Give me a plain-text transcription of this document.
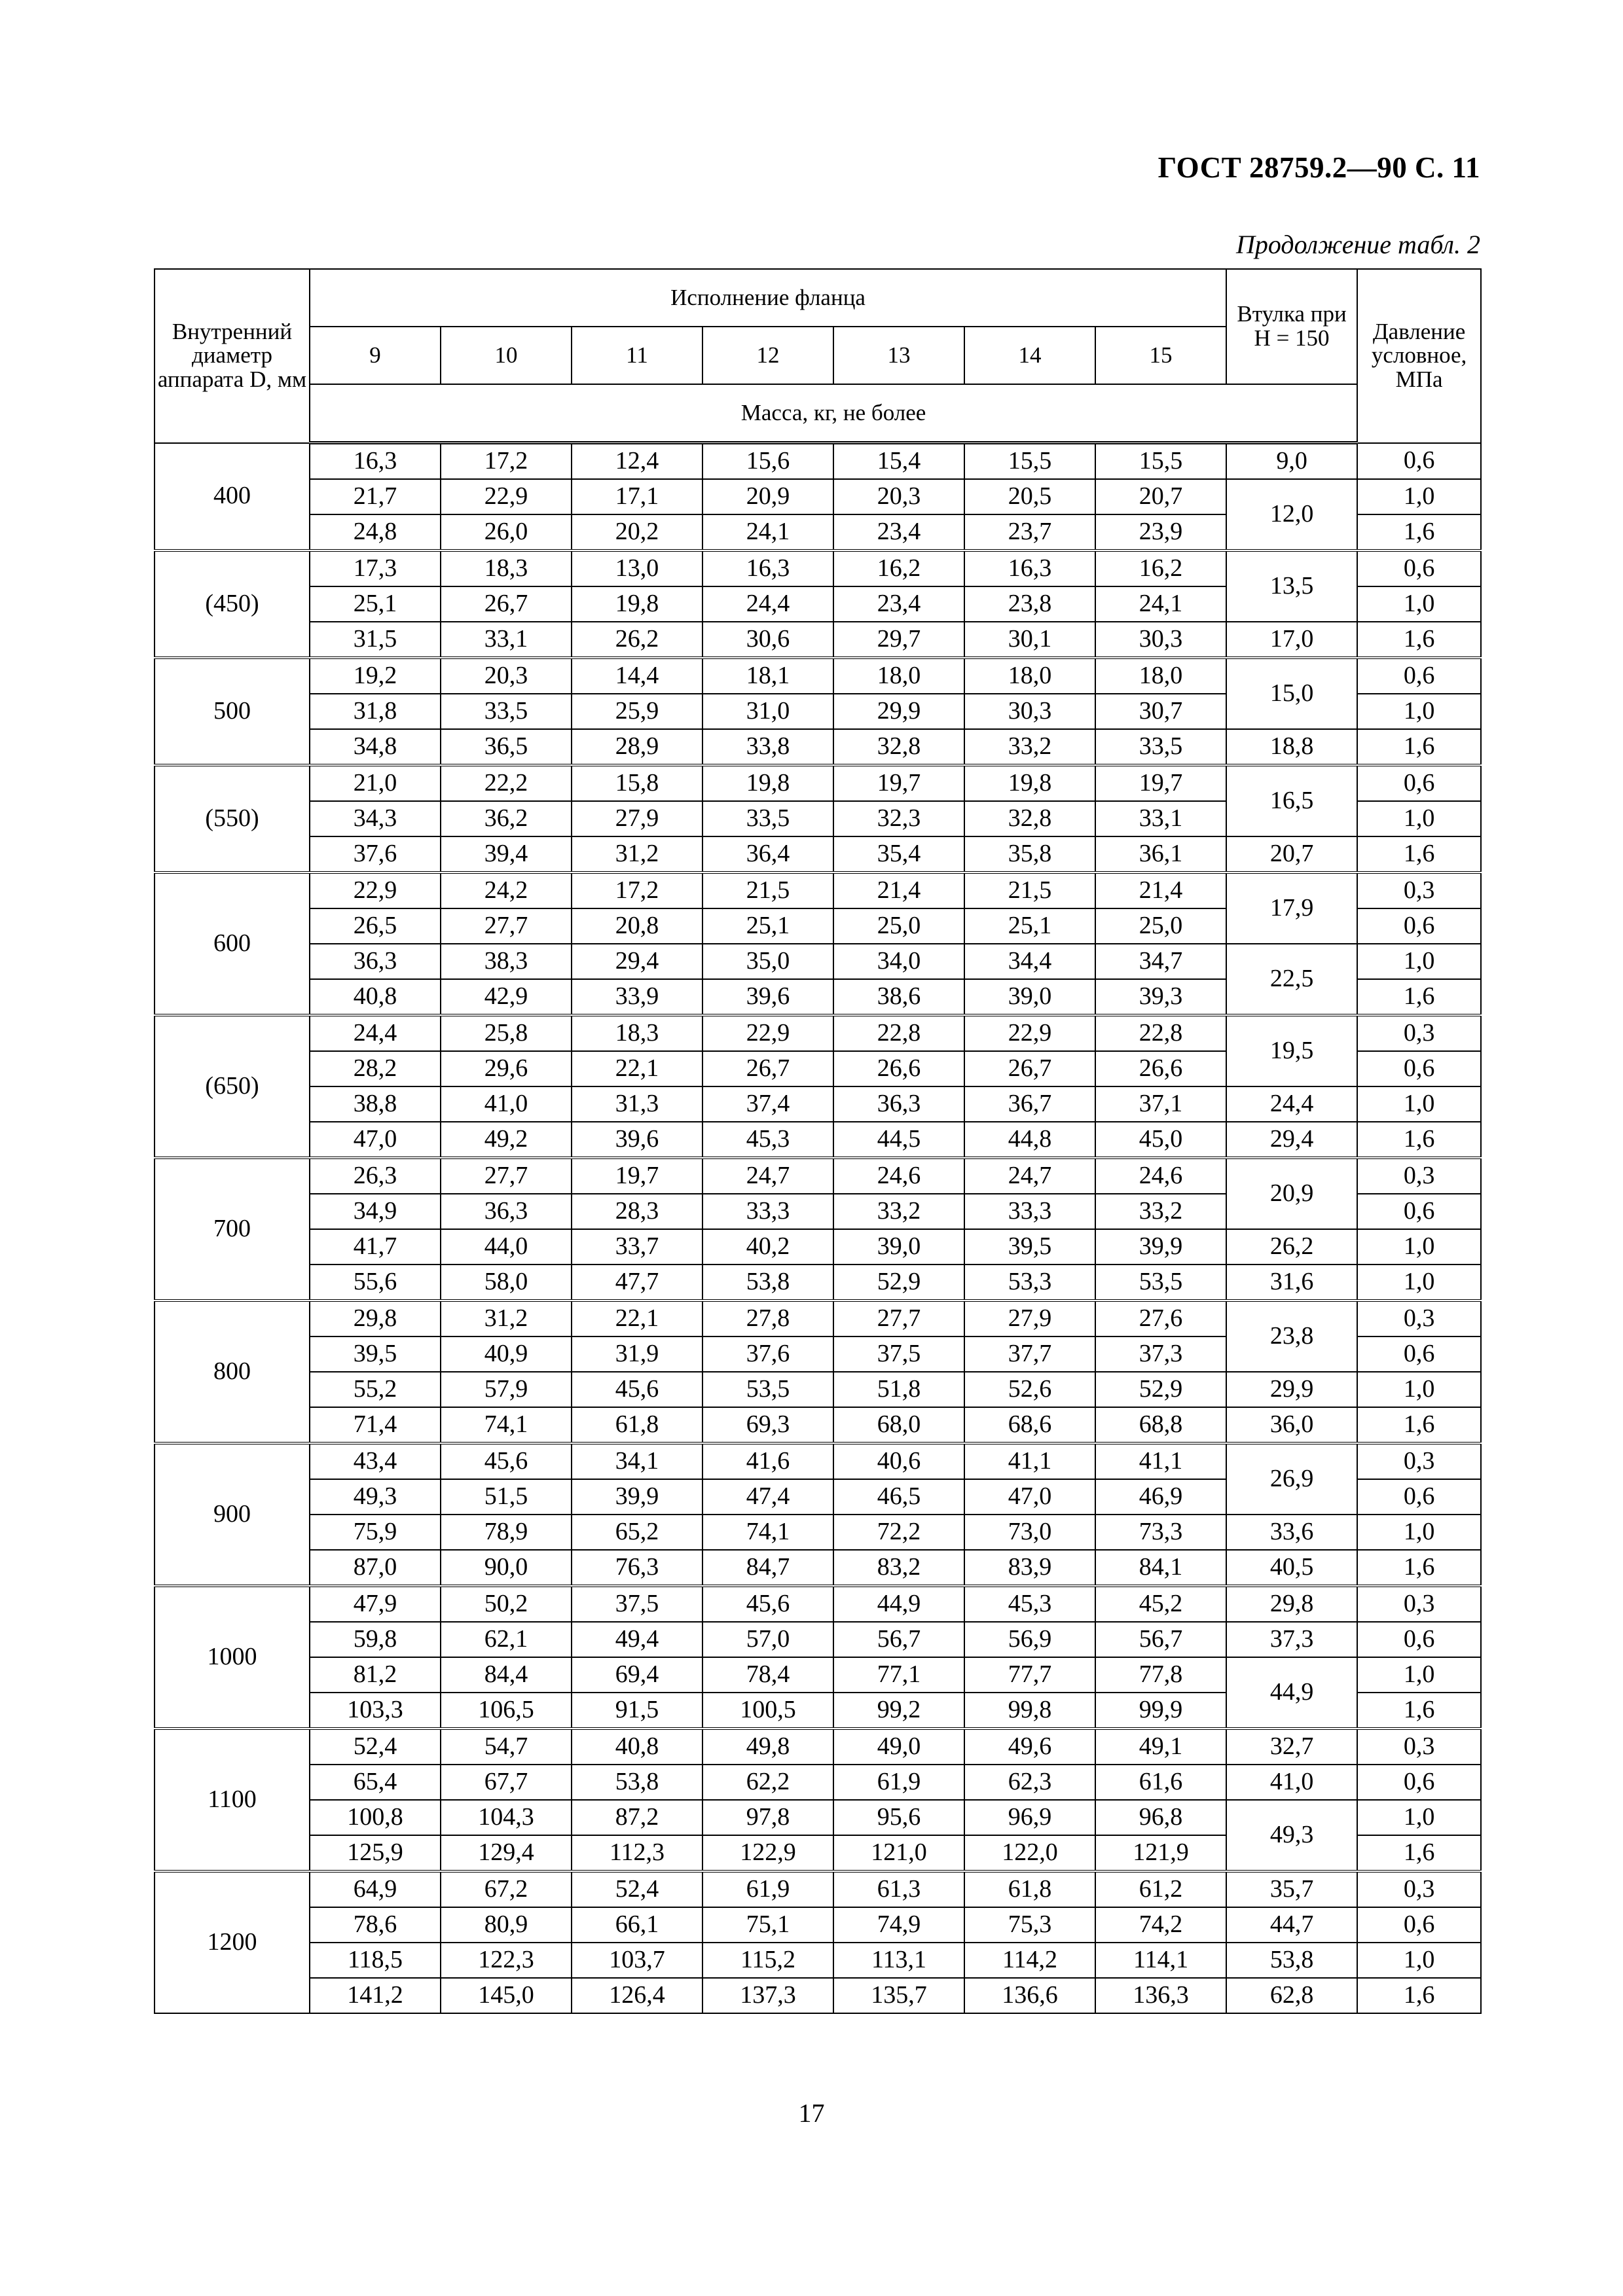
ГОСТ 28759.2—90 С. 11
Продолжение табл. 2
Внутренний диаметр аппарата D, мм	Исполнение фланца							Втулка при H = 150	Давление условное, МПа
	9	10	11	12	13	14	15		
	Масса, кг, не более								
400	16,3	17,2	12,4	15,6	15,4	15,5	15,5	9,0	0,6
	21,7	22,9	17,1	20,9	20,3	20,5	20,7	12,0	1,0
	24,8	26,0	20,2	24,1	23,4	23,7	23,9		1,6
(450)	17,3	18,3	13,0	16,3	16,2	16,3	16,2	13,5	0,6
	25,1	26,7	19,8	24,4	23,4	23,8	24,1		1,0
	31,5	33,1	26,2	30,6	29,7	30,1	30,3	17,0	1,6
500	19,2	20,3	14,4	18,1	18,0	18,0	18,0	15,0	0,6
	31,8	33,5	25,9	31,0	29,9	30,3	30,7		1,0
	34,8	36,5	28,9	33,8	32,8	33,2	33,5	18,8	1,6
(550)	21,0	22,2	15,8	19,8	19,7	19,8	19,7	16,5	0,6
	34,3	36,2	27,9	33,5	32,3	32,8	33,1		1,0
	37,6	39,4	31,2	36,4	35,4	35,8	36,1	20,7	1,6
600	22,9	24,2	17,2	21,5	21,4	21,5	21,4	17,9	0,3
	26,5	27,7	20,8	25,1	25,0	25,1	25,0		0,6
	36,3	38,3	29,4	35,0	34,0	34,4	34,7	22,5	1,0
	40,8	42,9	33,9	39,6	38,6	39,0	39,3		1,6
(650)	24,4	25,8	18,3	22,9	22,8	22,9	22,8	19,5	0,3
	28,2	29,6	22,1	26,7	26,6	26,7	26,6		0,6
	38,8	41,0	31,3	37,4	36,3	36,7	37,1	24,4	1,0
	47,0	49,2	39,6	45,3	44,5	44,8	45,0	29,4	1,6
700	26,3	27,7	19,7	24,7	24,6	24,7	24,6	20,9	0,3
	34,9	36,3	28,3	33,3	33,2	33,3	33,2		0,6
	41,7	44,0	33,7	40,2	39,0	39,5	39,9	26,2	1,0
	55,6	58,0	47,7	53,8	52,9	53,3	53,5	31,6	1,0
800	29,8	31,2	22,1	27,8	27,7	27,9	27,6	23,8	0,3
	39,5	40,9	31,9	37,6	37,5	37,7	37,3		0,6
	55,2	57,9	45,6	53,5	51,8	52,6	52,9	29,9	1,0
	71,4	74,1	61,8	69,3	68,0	68,6	68,8	36,0	1,6
900	43,4	45,6	34,1	41,6	40,6	41,1	41,1	26,9	0,3
	49,3	51,5	39,9	47,4	46,5	47,0	46,9		0,6
	75,9	78,9	65,2	74,1	72,2	73,0	73,3	33,6	1,0
	87,0	90,0	76,3	84,7	83,2	83,9	84,1	40,5	1,6
1000	47,9	50,2	37,5	45,6	44,9	45,3	45,2	29,8	0,3
	59,8	62,1	49,4	57,0	56,7	56,9	56,7	37,3	0,6
	81,2	84,4	69,4	78,4	77,1	77,7	77,8	44,9	1,0
	103,3	106,5	91,5	100,5	99,2	99,8	99,9		1,6
1100	52,4	54,7	40,8	49,8	49,0	49,6	49,1	32,7	0,3
	65,4	67,7	53,8	62,2	61,9	62,3	61,6	41,0	0,6
	100,8	104,3	87,2	97,8	95,6	96,9	96,8	49,3	1,0
	125,9	129,4	112,3	122,9	121,0	122,0	121,9		1,6
1200	64,9	67,2	52,4	61,9	61,3	61,8	61,2	35,7	0,3
	78,6	80,9	66,1	75,1	74,9	75,3	74,2	44,7	0,6
	118,5	122,3	103,7	115,2	113,1	114,2	114,1	53,8	1,0
	141,2	145,0	126,4	137,3	135,7	136,6	136,3	62,8	1,6
17
